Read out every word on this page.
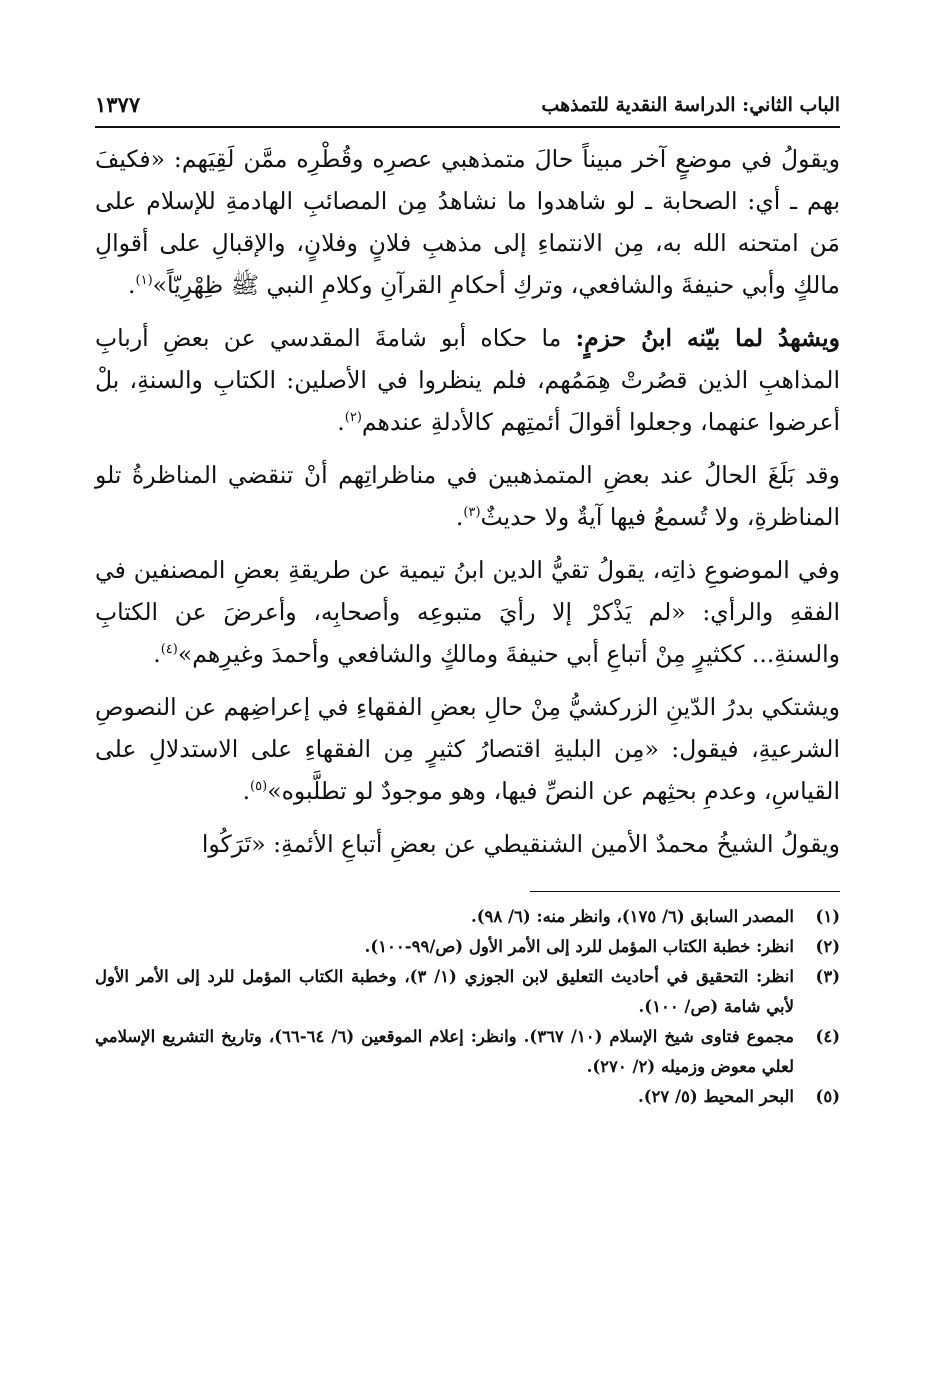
الباب الثاني: الدراسة النقدية للتمذهب
١٣٧٧

ويقولُ في موضعٍ آخر مبيناً حالَ متمذهبي عصرِه وقُطْرِه ممَّن لَقِيَهم: «فكيفَ بهم ـ أي: الصحابة ـ لو شاهدوا ما نشاهدُ مِن المصائبِ الهادمةِ للإسلام على مَن امتحنه الله به، مِن الانتماءِ إلى مذهبِ فلانٍ وفلانٍ، والإقبالِ على أقوالِ مالكٍ وأبي حنيفةَ والشافعي، وتركِ أحكامِ القرآنِ وكلامِ النبي ﷺ ظِهْرِيّاً»$^{(١)}$.

ويشهدُ لما بيّنه ابنُ حزمٍ: ما حكاه أبو شامةَ المقدسي عن بعضِ أربابِ المذاهبِ الذين قصُرتْ هِمَمُهم، فلم ينظروا في الأصلين: الكتابِ والسنةِ، بلْ أعرضوا عنهما، وجعلوا أقوالَ أئمتِهم كالأدلةِ عندهم$^{(٢)}$.

وقد بَلَغَ الحالُ عند بعضِ المتمذهبين في مناظراتِهم أنْ تنقضي المناظرةُ تلو المناظرةِ، ولا تُسمعُ فيها آيةٌ ولا حديثٌ$^{(٣)}$.

وفي الموضوعِ ذاتِه، يقولُ تقيُّ الدين ابنُ تيمية عن طريقةِ بعضِ المصنفين في الفقهِ والرأي: «لم يَذْكرْ إلا رأيَ متبوعِه وأصحابِه، وأعرضَ عن الكتابِ والسنةِ... ككثيرٍ مِنْ أتباعِ أبي حنيفةَ ومالكٍ والشافعي وأحمدَ وغيرِهم»$^{(٤)}$.

ويشتكي بدرُ الدّينِ الزركشيُّ مِنْ حالِ بعضِ الفقهاءِ في إعراضِهم عن النصوصِ الشرعيةِ، فيقول: «مِن البليةِ اقتصارُ كثيرٍ مِن الفقهاءِ على الاستدلالِ على القياسِ، وعدمِ بحثِهم عن النصِّ فيها، وهو موجودٌ لو تطلَّبوه»$^{(٥)}$.

ويقولُ الشيخُ محمدٌ الأمين الشنقيطي عن بعضِ أتباعِ الأئمةِ: «تَرَكُوا

(١)
المصدر السابق (٦/ ١٧٥)، وانظر منه: (٦/ ٩٨).
(٢)
انظر: خطبة الكتاب المؤمل للرد إلى الأمر الأول (ص/٩٩-١٠٠).
(٣)
انظر: التحقيق في أحاديث التعليق لابن الجوزي (١/ ٣)، وخطبة الكتاب المؤمل للرد إلى الأمر الأول لأبي شامة (ص/ ١٠٠).
(٤)
مجموع فتاوى شيخ الإسلام (١٠/ ٣٦٧). وانظر: إعلام الموقعين (٦/ ٦٤-٦٦)، وتاريخ التشريع الإسلامي لعلي معوض وزميله (٢/ ٢٧٠).
(٥)
البحر المحيط (٥/ ٢٧).
